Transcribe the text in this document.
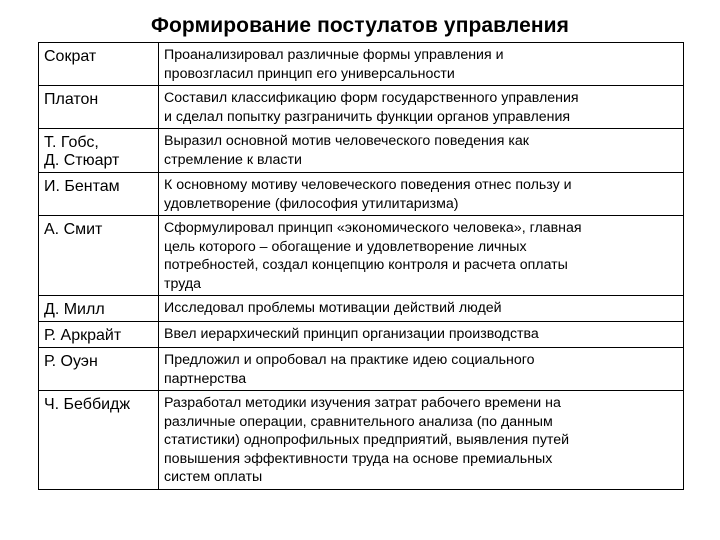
Формирование постулатов управления
Сократ	Проанализировал различные формы управления и
провозгласил принцип его универсальности
Платон	Составил классификацию форм государственного управления
и сделал попытку разграничить функции органов управления
Т. Гобс,
Д. Стюарт	Выразил основной мотив человеческого поведения как
стремление к власти
И. Бентам	К основному мотиву человеческого поведения отнес пользу и
удовлетворение (философия утилитаризма)
А. Смит	Сформулировал принцип «экономического человека», главная
цель которого – обогащение и удовлетворение личных
потребностей, создал концепцию контроля и расчета оплаты
труда
Д. Милл	Исследовал проблемы мотивации действий людей
Р. Аркрайт	Ввел иерархический принцип организации производства
Р. Оуэн	Предложил и опробовал на практике идею социального
партнерства
Ч. Беббидж	Разработал методики изучения затрат рабочего времени на
различные операции, сравнительного анализа (по данным
статистики) однопрофильных предприятий, выявления путей
повышения эффективности труда на основе премиальных
систем оплаты
